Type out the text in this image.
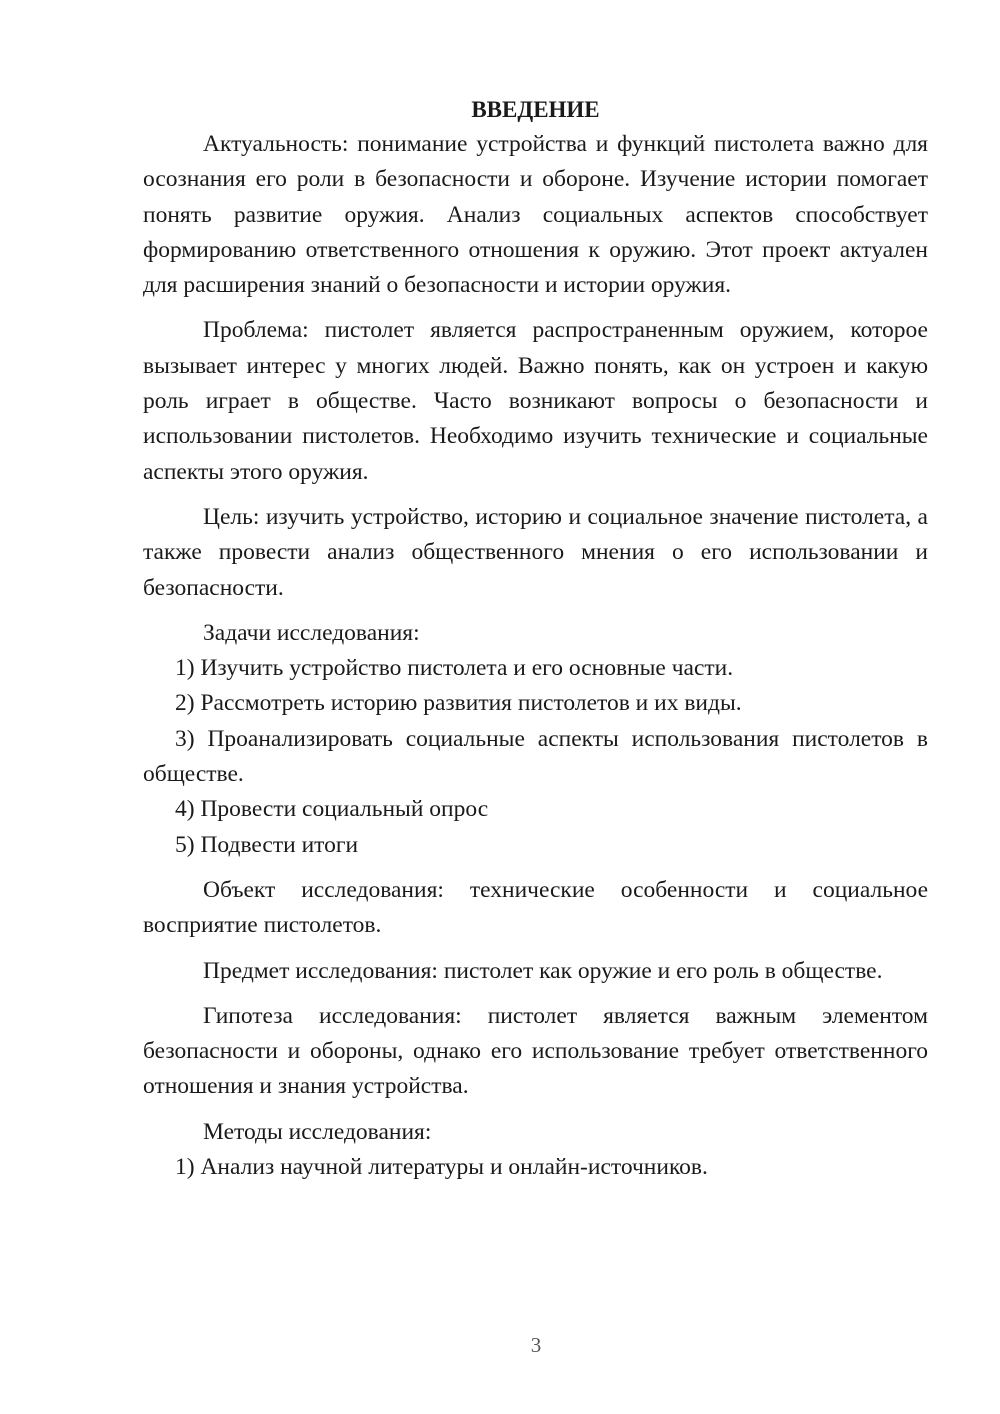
ВВЕДЕНИЕ

Актуальность: понимание устройства и функций пистолета важно для осознания его роли в безопасности и обороне. Изучение истории помогает понять развитие оружия. Анализ социальных аспектов способствует формированию ответственного отношения к оружию. Этот проект актуален для расширения знаний о безопасности и истории оружия.

Проблема: пистолет является распространенным оружием, которое вызывает интерес у многих людей. Важно понять, как он устроен и какую роль играет в обществе. Часто возникают вопросы о безопасности и использовании пистолетов. Необходимо изучить технические и социальные аспекты этого оружия.

Цель: изучить устройство, историю и социальное значение пистолета, а также провести анализ общественного мнения о его использовании и безопасности.

Задачи исследования:

1) Изучить устройство пистолета и его основные части.

2) Рассмотреть историю развития пистолетов и их виды.

3) Проанализировать социальные аспекты использования пистолетов в обществе.

4) Провести социальный опрос

5) Подвести итоги

Объект исследования: технические особенности и социальное восприятие пистолетов.

Предмет исследования: пистолет как оружие и его роль в обществе.

Гипотеза исследования: пистолет является важным элементом безопасности и обороны, однако его использование требует ответственного отношения и знания устройства.

Методы исследования:

1) Анализ научной литературы и онлайн-источников.

3
